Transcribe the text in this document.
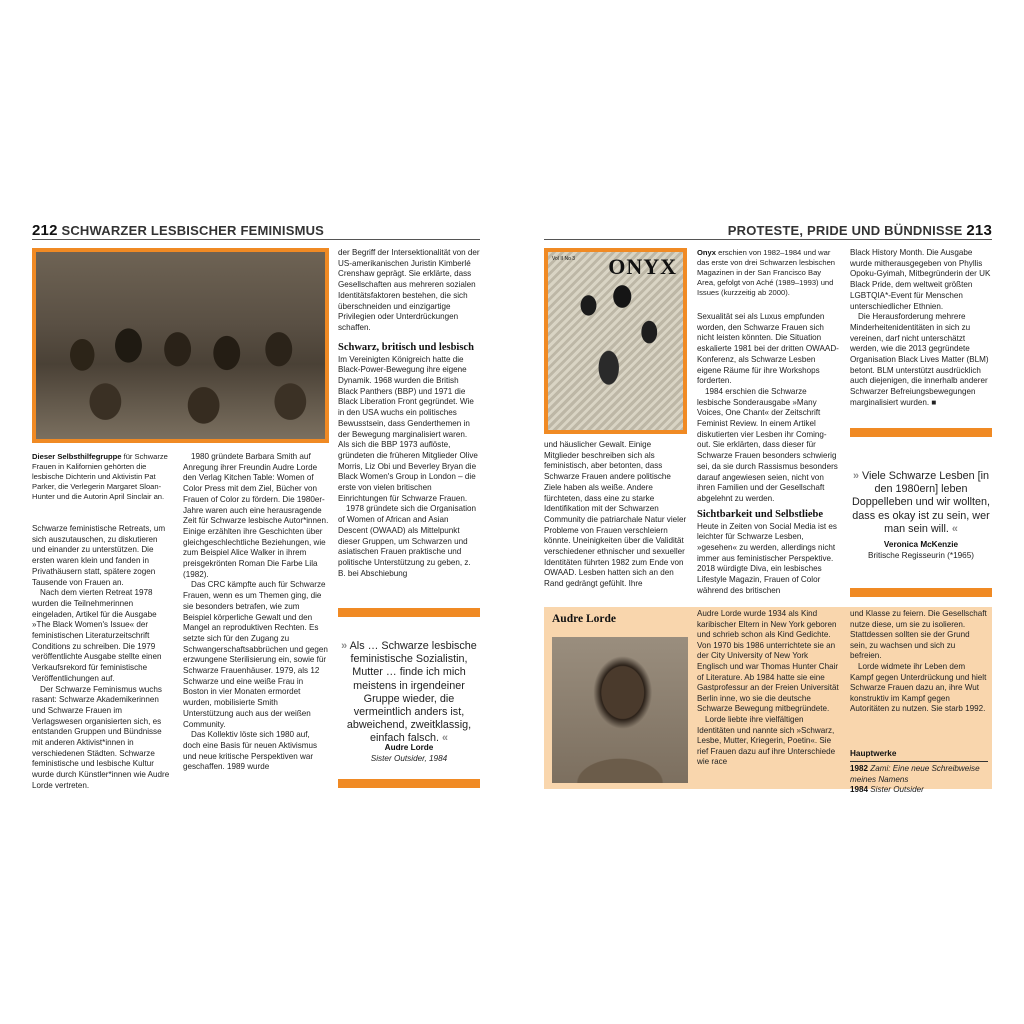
212 SCHWARZER LESBISCHER FEMINISMUS
Dieser Selbsthilfegruppe für Schwarze Frauen in Kalifornien gehörten die lesbische Dichterin und Aktivistin Pat Parker, die Verlegerin Margaret Sloan-Hunter und die Autorin April Sinclair an.

Schwarze feministische Retreats, um sich auszutauschen, zu diskutieren und einander zu unterstützen. Die ersten waren klein und fanden in Privathäusern statt, spätere zogen Tausende von Frauen an.

Nach dem vierten Retreat 1978 wurden die Teilnehmerinnen eingeladen, Artikel für die Ausgabe »The Black Women's Issue« der feministischen Literaturzeitschrift Conditions zu schreiben. Die 1979 veröffentlichte Ausgabe stellte einen Verkaufsrekord für feministische Veröffentlichungen auf.

Der Schwarze Feminismus wuchs rasant: Schwarze Akademikerinnen und Schwarze Frauen im Verlagswesen organisierten sich, es entstanden Gruppen und Bündnisse mit anderen Aktivist*innen in verschiedenen Städten. Schwarze feministische und lesbische Kultur wurde durch Künstler*innen wie Audre Lorde vertreten.

1980 gründete Barbara Smith auf Anregung ihrer Freundin Audre Lorde den Verlag Kitchen Table: Women of Color Press mit dem Ziel, Bücher von Frauen of Color zu fördern. Die 1980er-Jahre waren auch eine herausragende Zeit für Schwarze lesbische Autor*innen. Einige erzählten ihre Geschichten über gleichgeschlechtliche Beziehungen, wie zum Beispiel Alice Walker in ihrem preisgekrönten Roman Die Farbe Lila (1982).

Das CRC kämpfte auch für Schwarze Frauen, wenn es um Themen ging, die sie besonders betrafen, wie zum Beispiel körperliche Gewalt und den Mangel an reproduktiven Rechten. Es setzte sich für den Zugang zu Schwangerschaftsabbrüchen und gegen erzwungene Sterilisierung ein, sowie für Schwarze Frauenhäuser. 1979, als 12 Schwarze und eine weiße Frau in Boston in vier Monaten ermordet wurden, mobilisierte Smith Unterstützung auch aus der weißen Community.

Das Kollektiv löste sich 1980 auf, doch eine Basis für neuen Aktivismus und neue kritische Perspektiven war geschaffen. 1989 wurde

der Begriff der Intersektionalität von der US-amerikanischen Juristin Kimberlé Crenshaw geprägt. Sie erklärte, dass Gesellschaften aus mehreren sozialen Identitätsfaktoren bestehen, die sich überschneiden und einzigartige Privilegien oder Unterdrückungen schaffen.

Schwarz, britisch und lesbisch

Im Vereinigten Königreich hatte die Black-Power-Bewegung ihre eigene Dynamik. 1968 wurden die British Black Panthers (BBP) und 1971 die Black Liberation Front gegründet. Wie in den USA wuchs ein politisches Bewusstsein, dass Genderthemen in der Bewegung marginalisiert waren. Als sich die BBP 1973 auflöste, gründeten die früheren Mitglieder Olive Morris, Liz Obi und Beverley Bryan die Black Women's Group in London – die erste von vielen britischen Einrichtungen für Schwarze Frauen.

1978 gründete sich die Organisation of Women of African and Asian Descent (OWAAD) als Mittelpunkt dieser Gruppen, um Schwarzen und asiatischen Frauen praktische und politische Unterstützung zu geben, z. B. bei Abschiebung

» Als … Schwarze lesbische feministische Sozialistin, Mutter … finde ich mich meistens in irgendeiner Gruppe wieder, die vermeintlich anders ist, abweichend, zweitklassig, einfach falsch. «
Audre Lorde
Sister Outsider, 1984
PROTESTE, PRIDE UND BÜNDNISSE 213
Vol II No 3 ONYX
Onyx erschien von 1982–1984 und war das erste von drei Schwarzen lesbischen Magazinen in der San Francisco Bay Area, gefolgt von Aché (1989–1993) und Issues (kurzzeitig ab 2000).

und häuslicher Gewalt. Einige Mitglieder beschreiben sich als feministisch, aber betonten, dass Schwarze Frauen andere politische Ziele haben als weiße. Andere fürchteten, dass eine zu starke Identifikation mit der Schwarzen Community die patriarchale Natur vieler Probleme von Frauen verschleiern könnte. Uneinigkeiten über die Validität verschiedener ethnischer und sexueller Identitäten führten 1982 zum Ende von OWAAD. Lesben hatten sich an den Rand gedrängt gefühlt. Ihre

Sexualität sei als Luxus empfunden worden, den Schwarze Frauen sich nicht leisten könnten. Die Situation eskalierte 1981 bei der dritten OWAAD-Konferenz, als Schwarze Lesben eigene Räume für ihre Workshops forderten.

1984 erschien die Schwarze lesbische Sonderausgabe »Many Voices, One Chant« der Zeitschrift Feminist Review. In einem Artikel diskutierten vier Lesben ihr Coming-out. Sie erklärten, dass dieser für Schwarze Frauen besonders schwierig sei, da sie durch Rassismus besonders darauf angewiesen seien, nicht von ihren Familien und der Gesellschaft abgelehnt zu werden.

Sichtbarkeit und Selbstliebe

Heute in Zeiten von Social Media ist es leichter für Schwarze Lesben, »gesehen« zu werden, allerdings nicht immer aus feministischer Perspektive. 2018 würdigte Diva, ein lesbisches Lifestyle Magazin, Frauen of Color während des britischen

Black History Month. Die Ausgabe wurde mitherausgegeben von Phyllis Opoku-Gyimah, Mitbegründerin der UK Black Pride, dem weltweit größten LGBTQIA*-Event für Menschen unterschiedlicher Ethnien.

Die Herausforderung mehrere Minderheitenidentitäten in sich zu vereinen, darf nicht unterschätzt werden, wie die 2013 gegründete Organisation Black Lives Matter (BLM) betont. BLM unterstützt ausdrücklich auch diejenigen, die innerhalb anderer Schwarzer Befreiungsbewegungen marginalisiert wurden. ■

» Viele Schwarze Lesben [in den 1980ern] leben Doppelleben und wir wollten, dass es okay ist zu sein, wer man sein will. «
Veronica McKenzie
Britische Regisseurin (*1965)
Audre Lorde	Audre Lorde wurde 1934 als Kind karibischer Eltern in New York geboren und schrieb schon als Kind Gedichte. Von 1970 bis 1986 unterrichtete sie an der City University of New York Englisch und war Thomas Hunter Chair of Literature. Ab 1984 hatte sie eine Gastprofessur an der Freien Universität Berlin inne, wo sie die deutsche Schwarze Bewegung mitbegründete.

Lorde liebte ihre vielfältigen Identitäten und nannte sich »Schwarz, Lesbe, Mutter, Kriegerin, Poetin«. Sie rief Frauen dazu auf ihre Unterschiede wie race

und Klasse zu feiern. Die Gesellschaft nutze diese, um sie zu isolieren. Stattdessen sollten sie der Grund sein, zu wachsen und sich zu befreien.

Lorde widmete ihr Leben dem Kampf gegen Unterdrückung und hielt Schwarze Frauen dazu an, ihre Wut konstruktiv im Kampf gegen Autoritäten zu nutzen. Sie starb 1992.

Hauptwerke
1982 Zami: Eine neue Schreibweise meines Namens
1984 Sister Outsider
